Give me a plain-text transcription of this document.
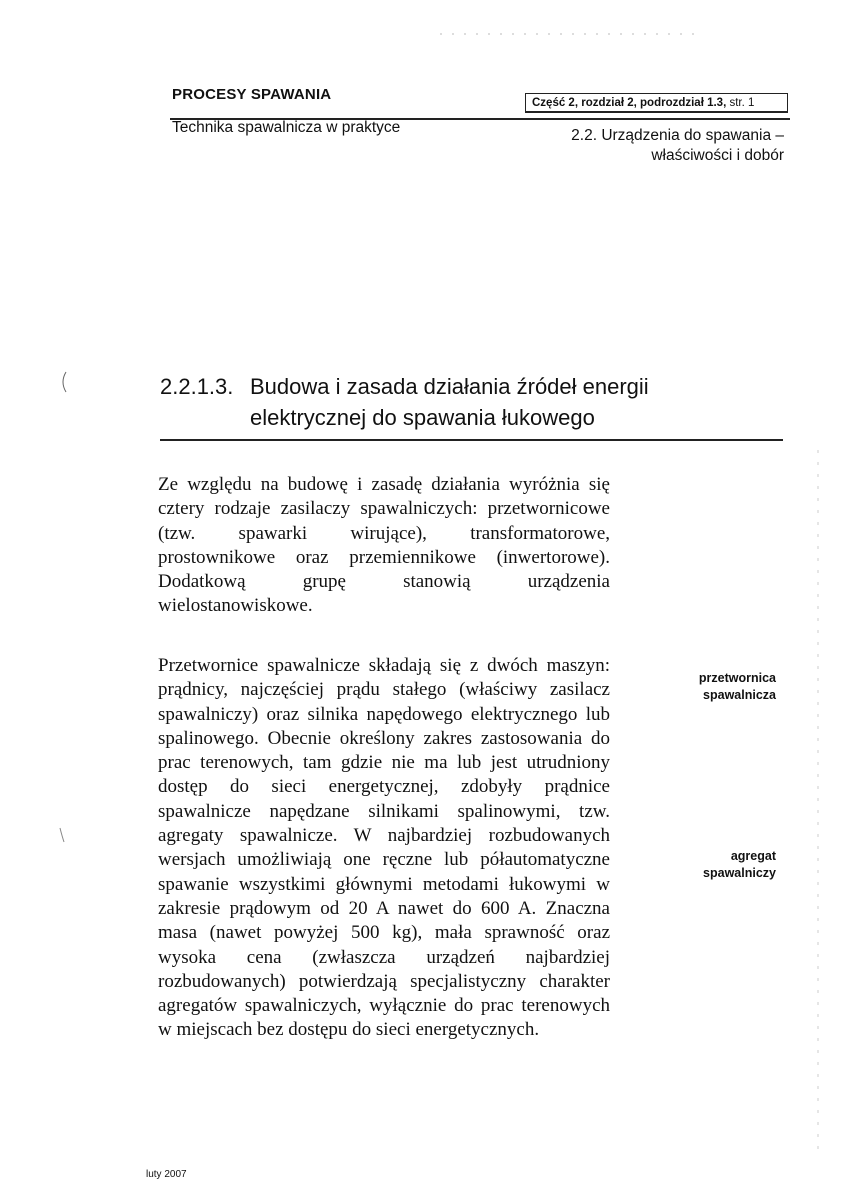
PROCESY SPAWANIA	Część 2, rozdział 2, podrozdział 1.3, str. 1
Technika spawalnicza w praktyce	2.2. Urządzenia do spawania –
właściwości i dobór
2.2.1.3. Budowa i zasada działania źródeł energii
elektrycznej do spawania łukowego
Ze względu na budowę i zasadę działania wyróżnia się cztery rodzaje zasilaczy spawalniczych: przetwornicowe (tzw. spawarki wirujące), transformatorowe, prostownikowe oraz przemiennikowe (inwertorowe). Dodatkową grupę stanowią urządzenia wielostanowiskowe.
Przetwornice spawalnicze składają się z dwóch maszyn: prądnicy, najczęściej prądu stałego (właściwy zasilacz spawalniczy) oraz silnika napędowego elektrycznego lub spalinowego. Obecnie określony zakres zastosowania do prac terenowych, tam gdzie nie ma lub jest utrudniony dostęp do sieci energetycznej, zdobyły prądnice spawalnicze napędzane silnikami spalinowymi, tzw. agregaty spawalnicze. W najbardziej rozbudowanych wersjach umożliwiają one ręczne lub półautomatyczne spawanie wszystkimi głównymi metodami łukowymi w zakresie prądowym od 20 A nawet do 600 A. Znaczna masa (nawet powyżej 500 kg), mała sprawność oraz wysoka cena (zwłaszcza urządzeń najbardziej rozbudowanych) potwierdzają specjalistyczny charakter agregatów spawalniczych, wyłącznie do prac terenowych w miejscach bez dostępu do sieci energetycznych.
przetwornica
spawalnicza
agregat
spawalniczy
luty 2007
